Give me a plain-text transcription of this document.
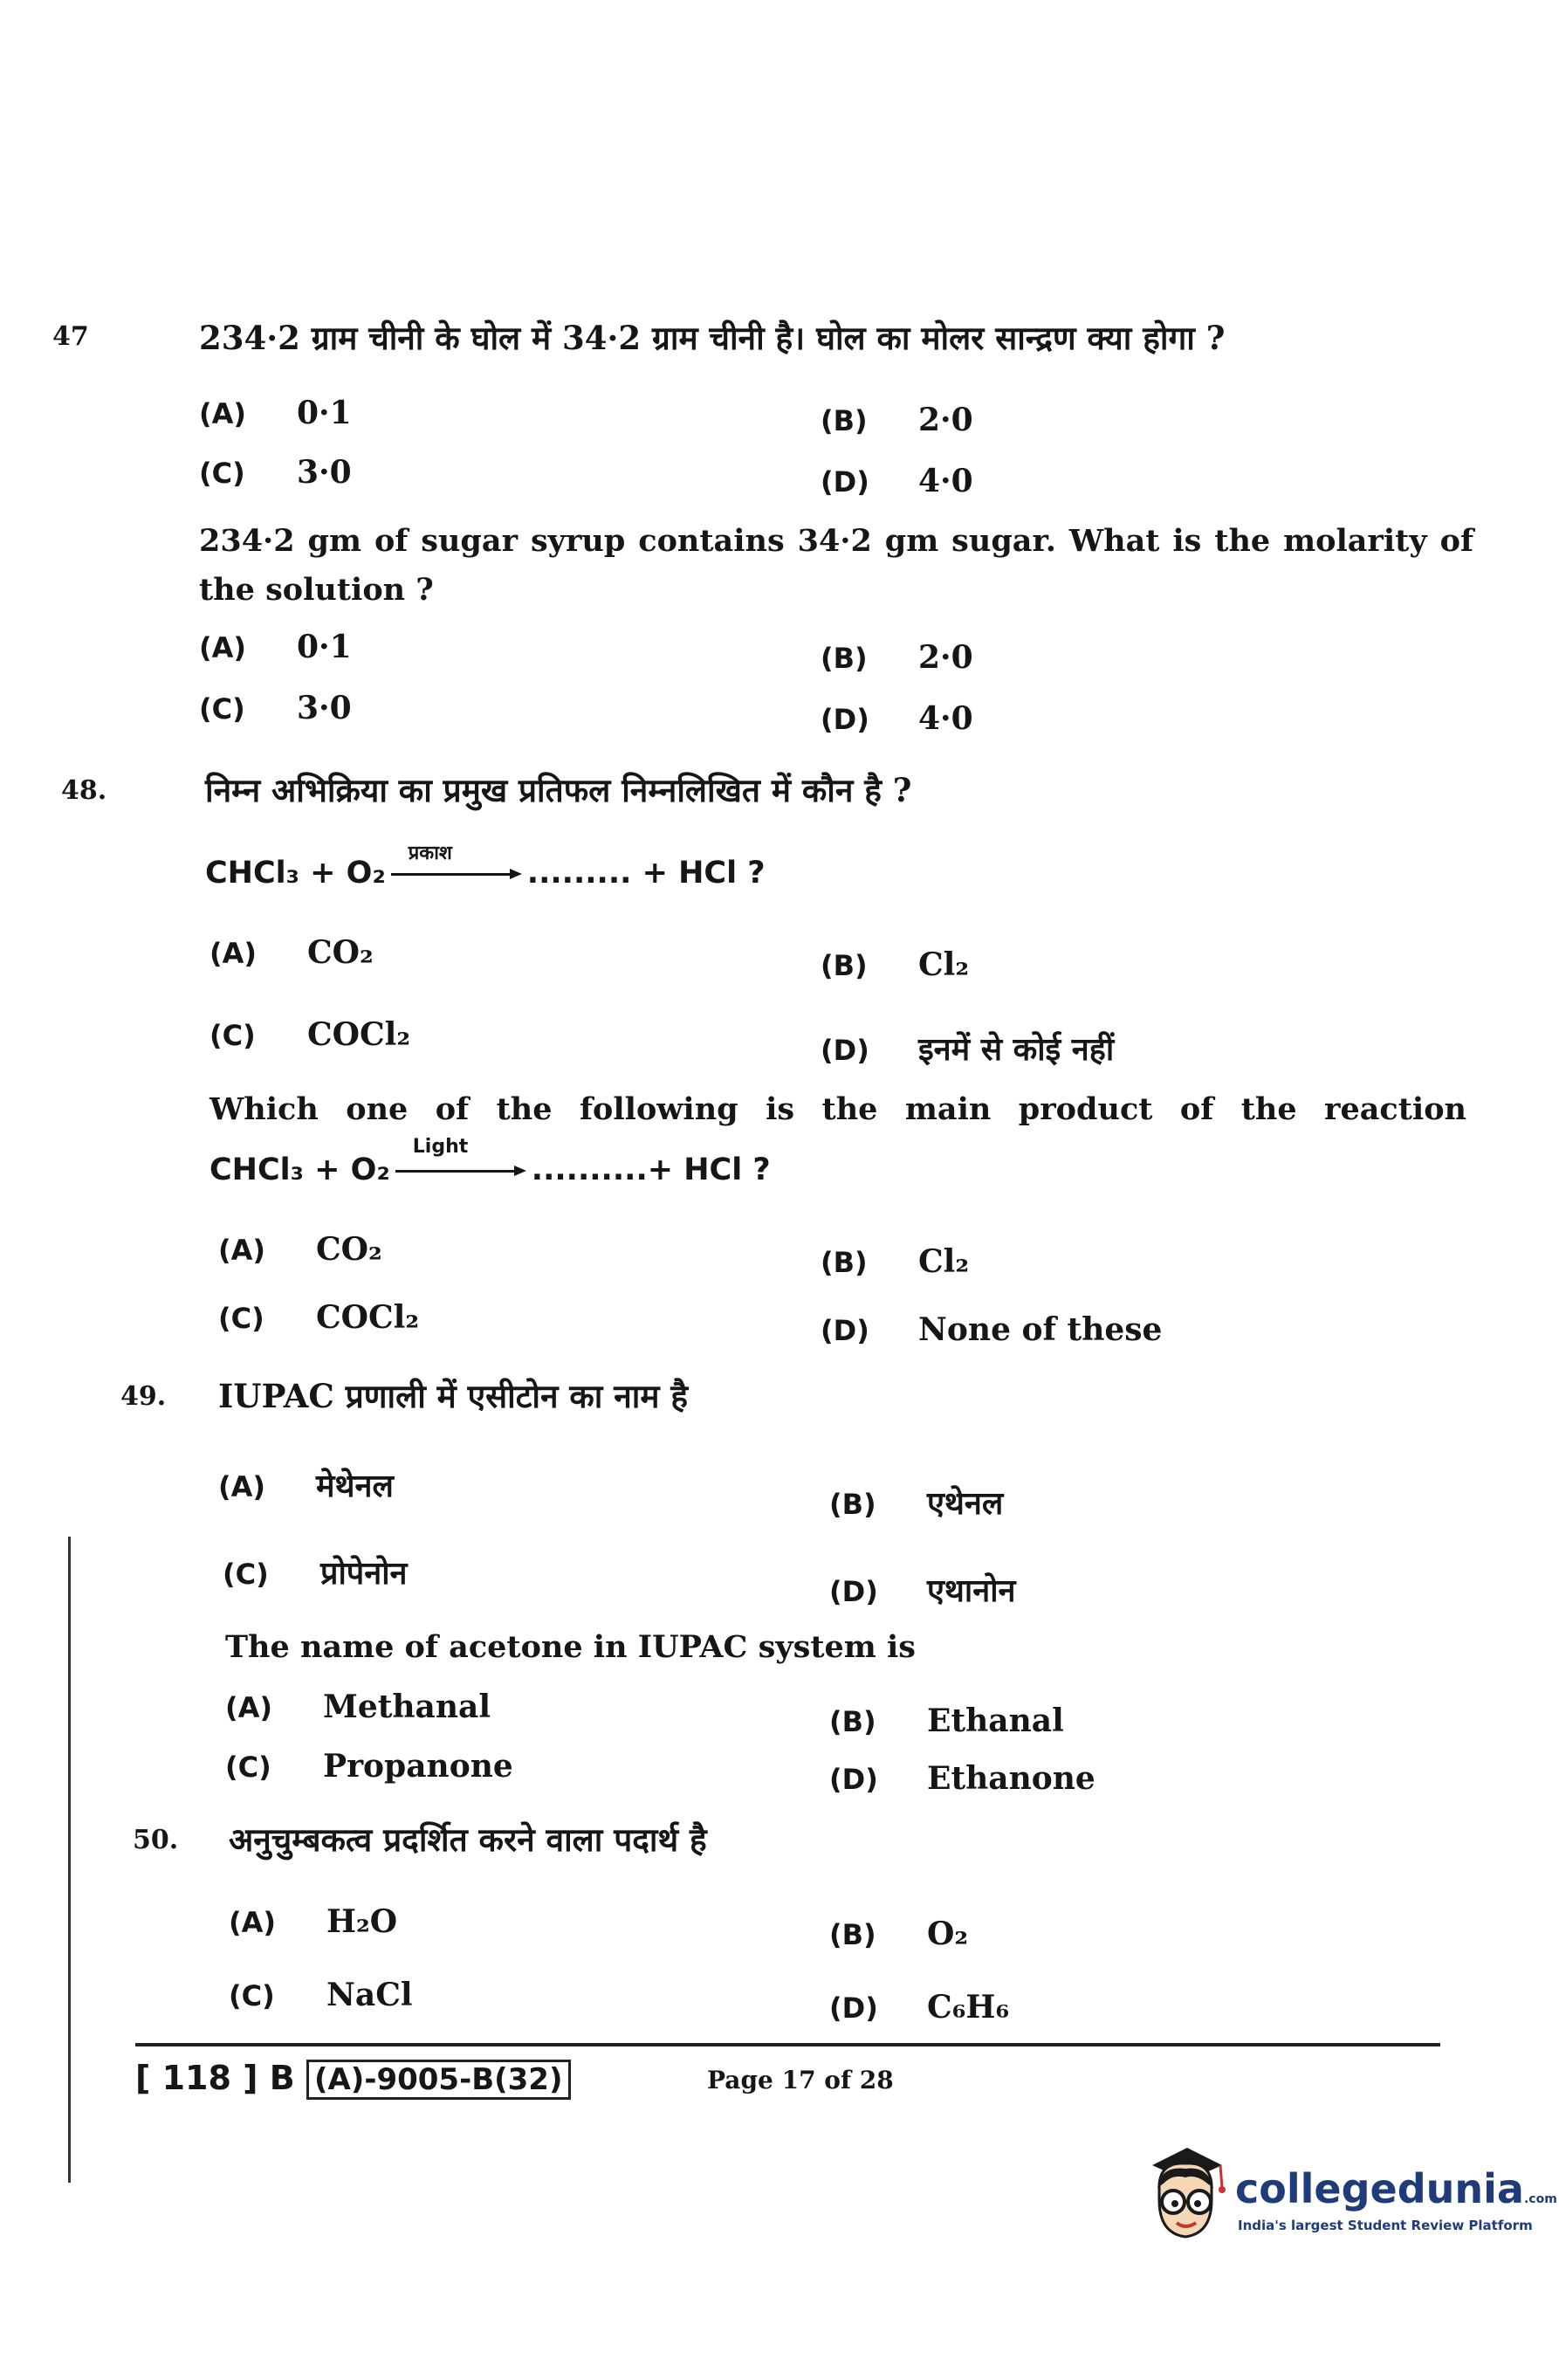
47	234·2 ग्राम चीनी के घोल में 34·2 ग्राम चीनी है। घोल का मोलर सान्द्रण क्या होगा ?
(A) 0·1	(B) 2·0
(C) 3·0	(D) 4·0
234·2 gm of sugar syrup contains 34·2 gm sugar. What is the molarity of the solution ?
(A) 0·1	(B) 2·0
(C) 3·0	(D) 4·0
48.	निम्न अभिक्रिया का प्रमुख प्रतिफल निम्नलिखित में कौन है ?
CHCl₃ + O₂
प्रकाश
......... + HCl ?
(A) CO₂	(B) Cl₂
(C) COCl₂	(D) इनमें से कोई नहीं
Which one of the following is the main product of the reaction
CHCl₃ + O₂
Light
..........+ HCl ?
(A) CO₂	(B) Cl₂
(C) COCl₂	(D) None of these
49. IUPAC प्रणाली में एसीटोन का नाम है
(A) मेथेनल	(B) एथेनल
(C) प्रोपेनोन	(D) एथानोन
The name of acetone in IUPAC system is
(A) Methanal	(B) Ethanal
(C) Propanone	(D) Ethanone
50. अनुचुम्बकत्व प्रदर्शित करने वाला पदार्थ है
(A) H₂O	(B) O₂
(C) NaCl	(D) C₆H₆
[ 118 ] B (A)-9005-B(32)	Page 17 of 28
collegedunia.com
India's largest Student Review Platform
